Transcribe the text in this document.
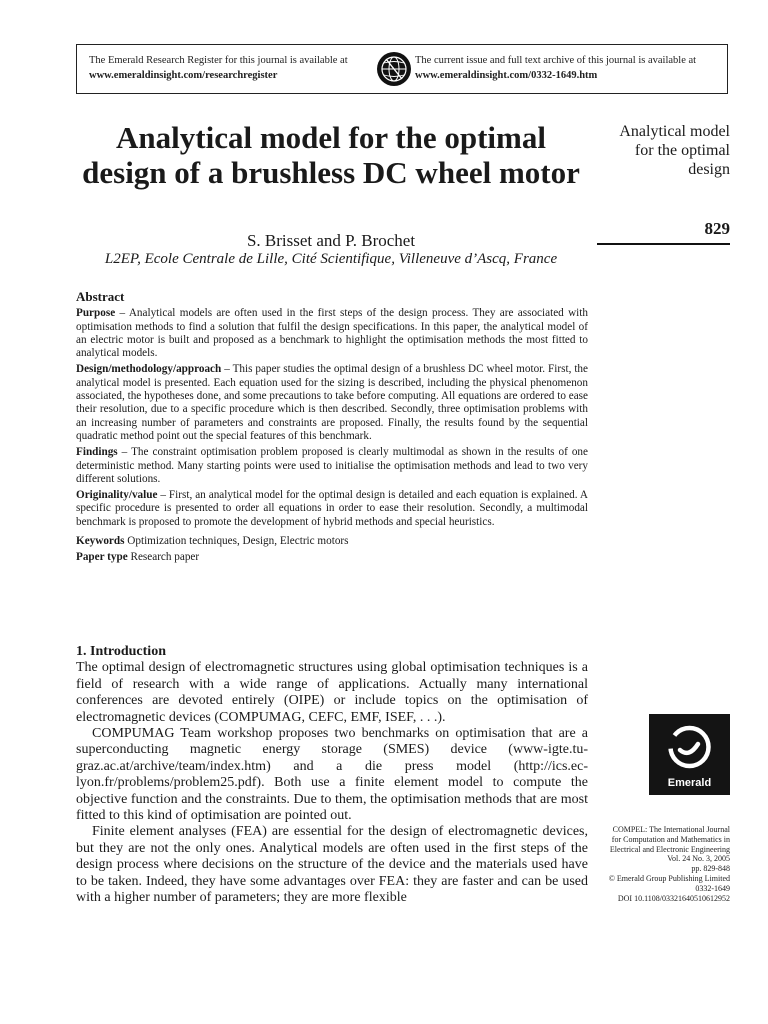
The Emerald Research Register for this journal is available at
www.emeraldinsight.com/researchregister
The current issue and full text archive of this journal is available at
www.emeraldinsight.com/0332-1649.htm
Analytical model for the optimal design of a brushless DC wheel motor
S. Brisset and P. Brochet
L2EP, Ecole Centrale de Lille, Cité Scientifique, Villeneuve d’Ascq, France
Analytical model
for the optimal
design
829
Abstract

Purpose – Analytical models are often used in the first steps of the design process. They are associated with optimisation methods to find a solution that fulfil the design specifications. In this paper, the analytical model of an electric motor is built and proposed as a benchmark to highlight the optimisation methods the most fitted to analytical models.

Design/methodology/approach – This paper studies the optimal design of a brushless DC wheel motor. First, the analytical model is presented. Each equation used for the sizing is described, including the physical phenomenon associated, the hypotheses done, and some precautions to take before computing. All equations are ordered to ease their resolution, due to a specific procedure which is then described. Secondly, three optimisation problems with an increasing number of parameters and constraints are proposed. Finally, the results found by the sequential quadratic method point out the special features of this benchmark.

Findings – The constraint optimisation problem proposed is clearly multimodal as shown in the results of one deterministic method. Many starting points were used to initialise the optimisation methods and lead to two very different solutions.

Originality/value – First, an analytical model for the optimal design is detailed and each equation is explained. A specific procedure is presented to order all equations in order to ease their resolution. Secondly, a multimodal benchmark is proposed to promote the development of hybrid methods and special heuristics.

Keywords Optimization techniques, Design, Electric motors

Paper type Research paper

1. Introduction

The optimal design of electromagnetic structures using global optimisation techniques is a field of research with a wide range of applications. Actually many international conferences are devoted entirely (OIPE) or include topics on the optimisation of electromagnetic devices (COMPUMAG, CEFC, EMF, ISEF, . . .).

COMPUMAG Team workshop proposes two benchmarks on optimisation that are a superconducting magnetic energy storage (SMES) device (www-igte.tu-graz.ac.at/archive/team/index.htm) and a die press model (http://ics.ec-lyon.fr/problems/problem25.pdf). Both use a finite element model to compute the objective function and the constraints. Due to them, the optimisation methods that are most fitted to this kind of optimisation are pointed out.

Finite element analyses (FEA) are essential for the design of electromagnetic devices, but they are not the only ones. Analytical models are often used in the first steps of the design process where decisions on the structure of the device and the materials used have to be taken. Indeed, they have some advantages over FEA: they are faster and can be used with a higher number of parameters; they are more flexible

Emerald
COMPEL: The International Journal
for Computation and Mathematics in
Electrical and Electronic Engineering
Vol. 24 No. 3, 2005
pp. 829-848
© Emerald Group Publishing Limited
0332-1649
DOI 10.1108/03321640510612952
